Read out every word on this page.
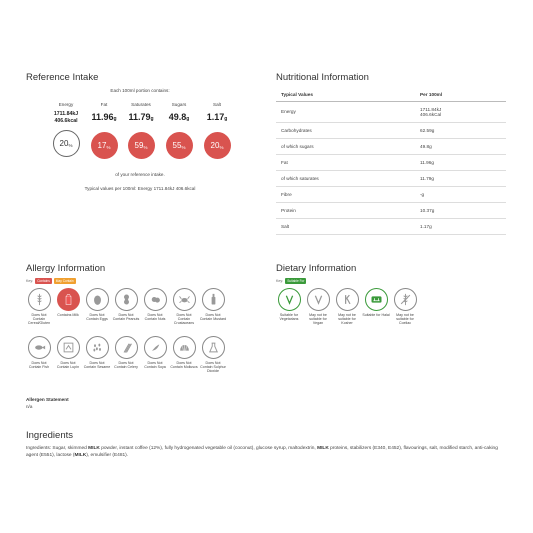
Reference Intake
Each 100ml portion contains:
Energy
1711.84kJ
406.6kcal
20 %
Fat
11.96g
17 %
Saturates
11.79g
59 %
Sugars
49.8g
55 %
Salt
1.17g
20 %
of your reference intake.
Typical values per 100ml: Energy 1711.84kJ 406.6kcal
Nutritional Information
Typical Values	Per 100ml
Energy	1711.84kJ
406.6kCal

Carbohydrates	62.59g
of which sugars	49.8g
Fat	11.96g
of which saturates	11.79g
Fibre	-g
Protein	10.37g
Salt	1.17g
Allergy Information
Key:	Contains	May Contain
Does Not Contain Cereal/Gluten
Contains Milk	Does Not Contain Eggs
Does Not Contain Peanuts
Does Not Contain Nuts
Does Not Contain Crustaceans
Does Not Contain Mustard
Does Not Contain Fish
Does Not Contain Lupin
Does Not Contain Sesame
Does Not Contain Celery
Does Not Contain Soya
Does Not Contain Molluscs
Does Not Contain Sulphur Dioxide
Allergen Statement
n/a
Dietary Information
Key:	Suitable For
Suitable for Vegetarians
May not be suitable for Vegan
May not be suitable for Kosher
Suitable for Halal	May not be suitable for Coeliac
Ingredients
Ingredients: Sugar, skimmed MILK powder, instant coffee (12%), fully hydrogenated vegetable oil (coconut), glucose syrup, maltodextrin, MILK proteins, stabilizers (E340, E452), flavourings, salt, modified starch, anti-caking agent (E551), lactose (MILK), emulsifier (E481).
